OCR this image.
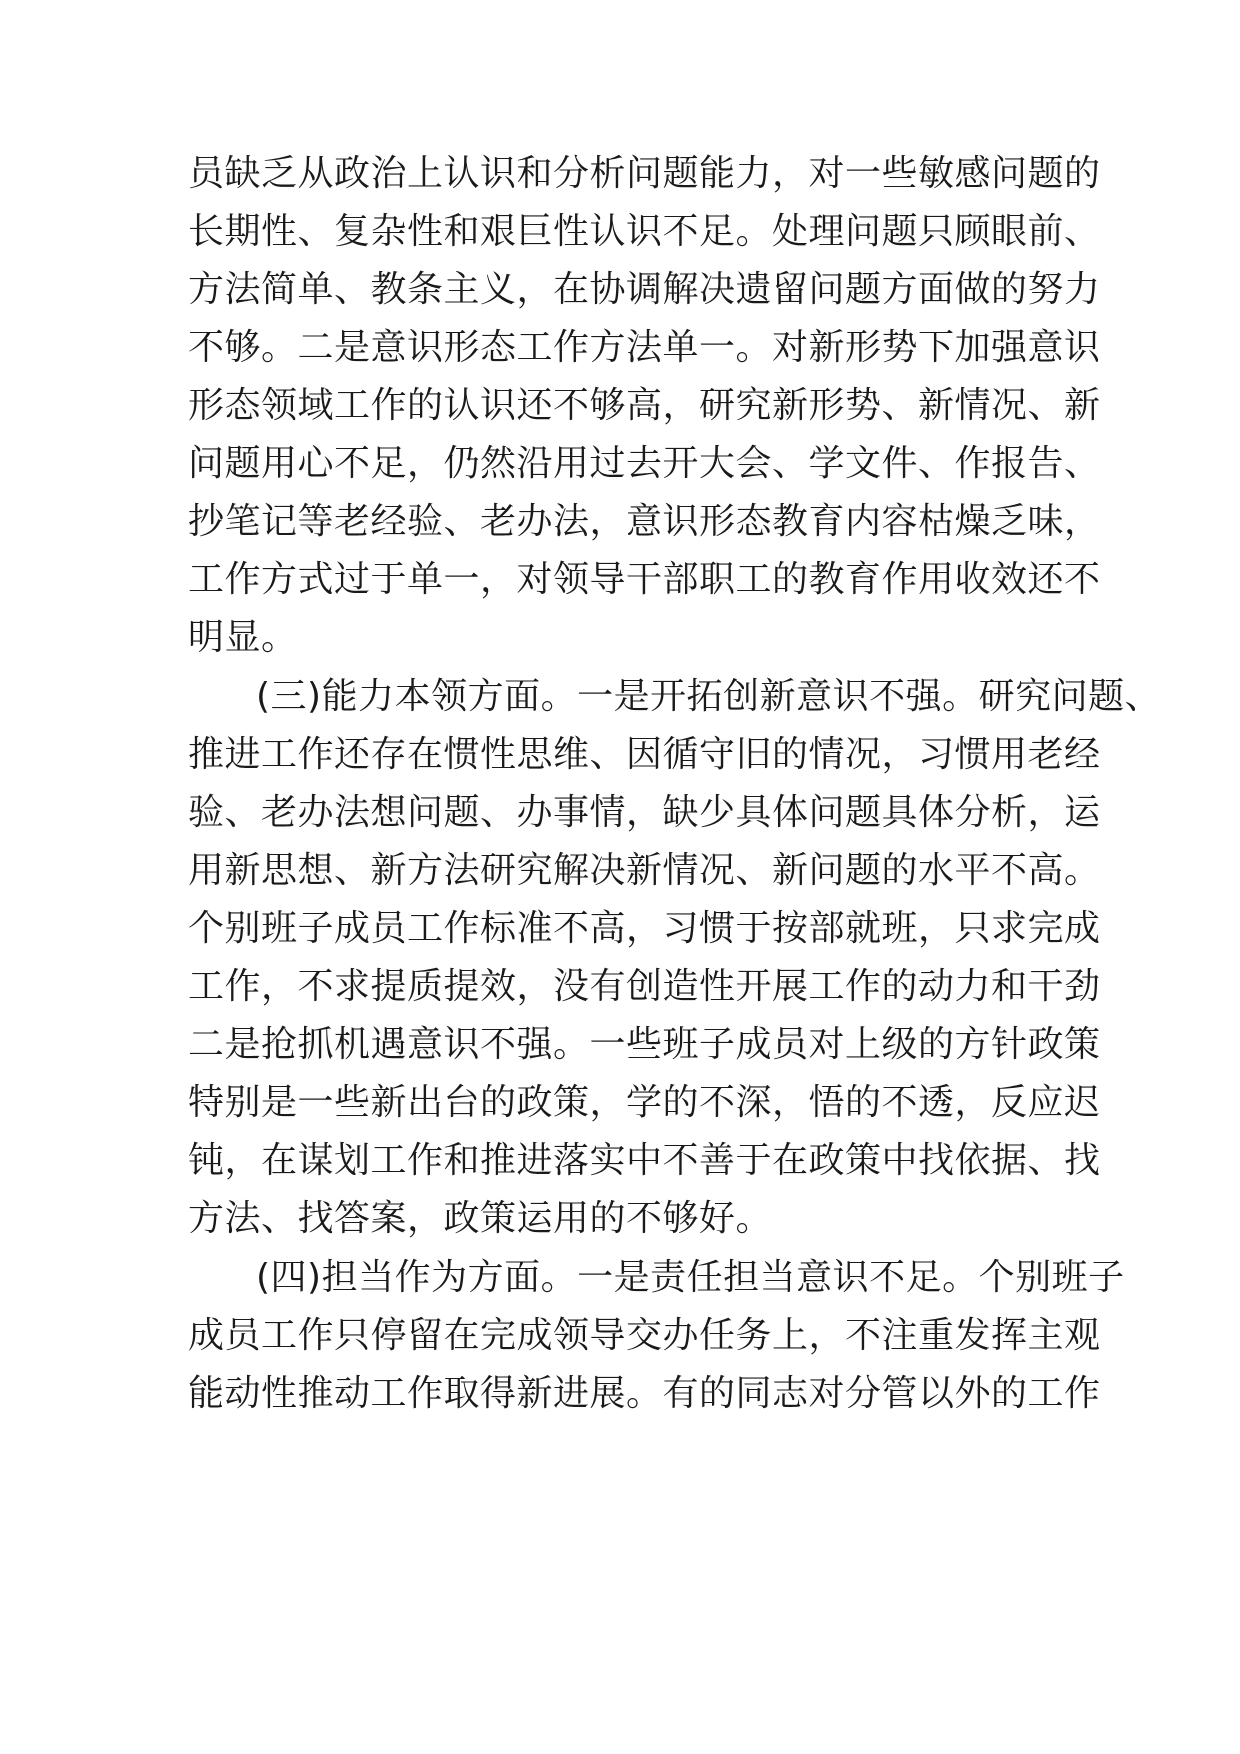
员缺乏从政治上认识和分析问题能力，对一些敏感问题的
长期性、复杂性和艰巨性认识不足。处理问题只顾眼前、
方法简单、教条主义，在协调解决遗留问题方面做的努力
不够。二是意识形态工作方法单一。对新形势下加强意识
形态领域工作的认识还不够高，研究新形势、新情况、新
问题用心不足，仍然沿用过去开大会、学文件、作报告、
抄笔记等老经验、老办法，意识形态教育内容枯燥乏味，
工作方式过于单一，对领导干部职工的教育作用收效还不
明显。
(三)能力本领方面。一是开拓创新意识不强。研究问题、
推进工作还存在惯性思维、因循守旧的情况，习惯用老经
验、老办法想问题、办事情，缺少具体问题具体分析，运
用新思想、新方法研究解决新情况、新问题的水平不高。
个别班子成员工作标准不高，习惯于按部就班，只求完成
工作，不求提质提效，没有创造性开展工作的动力和干劲
二是抢抓机遇意识不强。一些班子成员对上级的方针政策
特别是一些新出台的政策，学的不深，悟的不透，反应迟
钝，在谋划工作和推进落实中不善于在政策中找依据、找
方法、找答案，政策运用的不够好。
(四)担当作为方面。一是责任担当意识不足。个别班子
成员工作只停留在完成领导交办任务上，不注重发挥主观
能动性推动工作取得新进展。有的同志对分管以外的工作
